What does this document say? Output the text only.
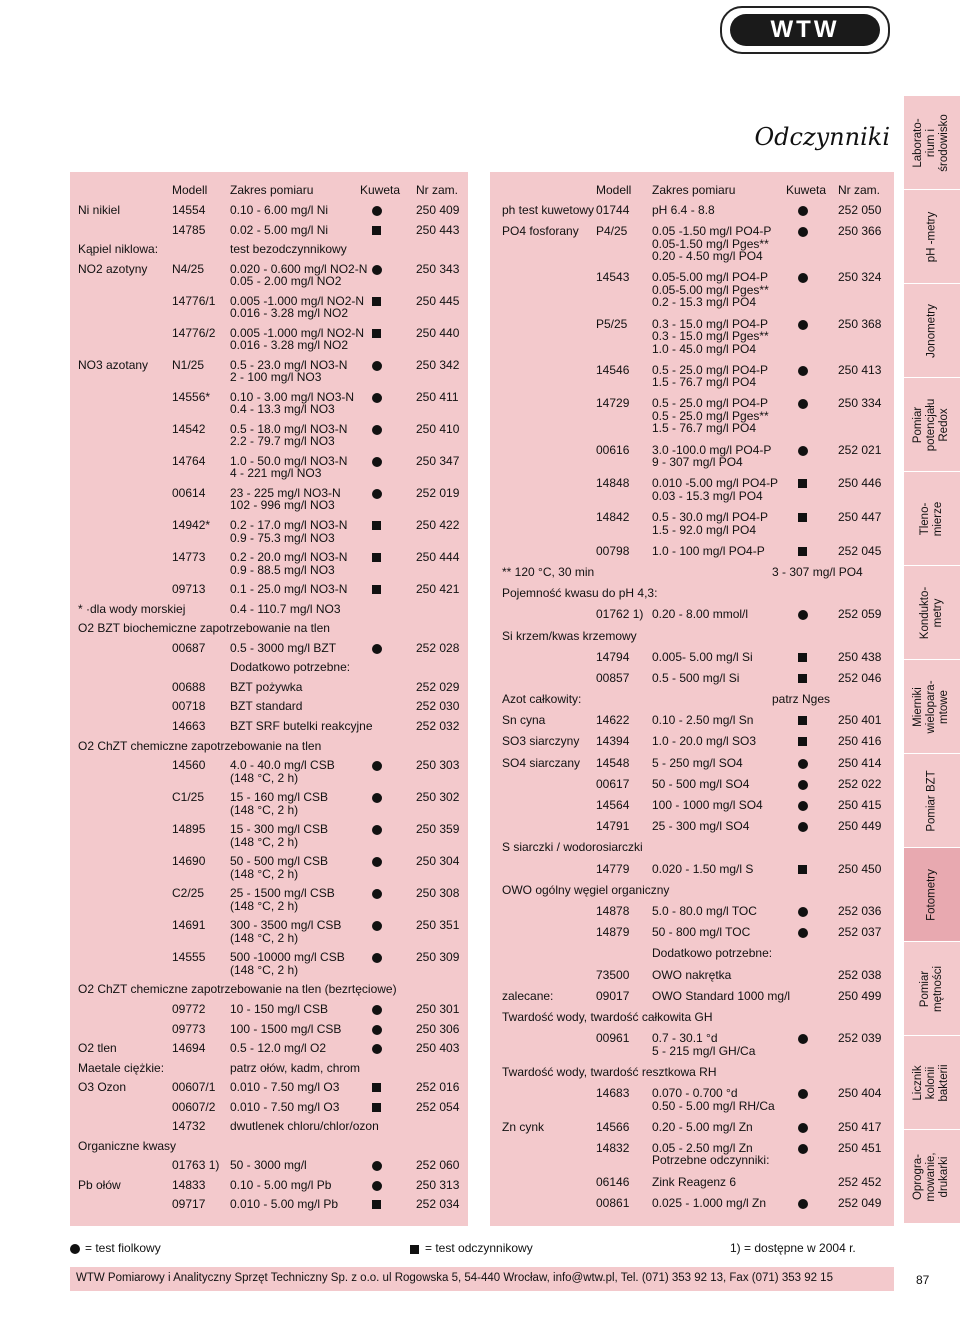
WTW
Odczynniki
Modell Zakres pomiaru	Kuweta Nr zam.
Ni nikiel	14554 0.10 - 6.00 mg/l Ni	250 409
14785 0.02 - 5.00 mg/l Ni	250 443
Kąpiel niklowa:	test bezodczynnikowy
NO2 azotyny N4/25 0.020 - 0.600 mg/l NO2-N	250 343
0.05 - 2.00 mg/l NO2
14776/1 0.005 -1.000 mg/l NO2-N	250 445
0.016 - 3.28 mg/l NO2
14776/2 0.005 -1.000 mg/l NO2-N	250 440
0.016 - 3.28 mg/l NO2
NO3 azotany N1/25 0.5 - 23.0 mg/l NO3-N	250 342
2 - 100 mg/l NO3
14556* 0.10 - 3.00 mg/l NO3-N	250 411
0.4 - 13.3 mg/l NO3
14542 0.5 - 18.0 mg/l NO3-N	250 410
2.2 - 79.7 mg/l NO3
14764 1.0 - 50.0 mg/l NO3-N	250 347
4 - 221 mg/l NO3
00614 23 - 225 mg/l NO3-N	252 019
102 - 996 mg/l NO3
14942* 0.2 - 17.0 mg/l NO3-N	250 422
0.9 - 75.3 mg/l NO3
14773 0.2 - 20.0 mg/l NO3-N	250 444
0.9 - 88.5 mg/l NO3
09713 0.1 - 25.0 mg/l NO3-N	250 421
* ·dla wody morskiej	0.4 - 110.7 mg/l NO3
O2 BZT biochemiczne zapotrzebowanie na tlen
00687 0.5 - 3000 mg/l BZT	252 028
Dodatkowo potrzebne:
00688 BZT pożywka	252 029
00718 BZT standard	252 030
14663 BZT SRF butelki reakcyjne	252 032
O2 ChZT chemiczne zapotrzebowanie na tlen
14560 4.0 - 40.0 mg/l CSB	250 303
(148 °C, 2 h)
C1/25 15 - 160 mg/l CSB	250 302
(148 °C, 2 h)
14895 15 - 300 mg/l CSB	250 359
(148 °C, 2 h)
14690 50 - 500 mg/l CSB	250 304
(148 °C, 2 h)
C2/25 25 - 1500 mg/l CSB	250 308
(148 °C, 2 h)
14691 300 - 3500 mg/l CSB	250 351
(148 °C, 2 h)
14555 500 -10000 mg/l CSB	250 309
(148 °C, 2 h)
O2 ChZT chemiczne zapotrzebowanie na tlen (bezrtęciowe)
09772 10 - 150 mg/l CSB	250 301
09773 100 - 1500 mg/l CSB	250 306
O2 tlen	14694 0.5 - 12.0 mg/l O2	250 403
Maetale ciężkie:	patrz ołów, kadm, chrom
O3 Ozon	00607/1 0.010 - 7.50 mg/l O3	252 016
00607/2 0.010 - 7.50 mg/l O3	252 054
14732 dwutlenek chloru/chlor/ozon
Organiczne kwasy
01763 1) 50 - 3000 mg/l	252 060
Pb ołów	14833 0.10 - 5.00 mg/l Pb	250 313
09717 0.010 - 5.00 mg/l Pb	252 034
Modell Zakres pomiaru	Kuweta Nr zam.
ph test kuwetowy 01744 pH 6.4 - 8.8	252 050
PO4 fosforany P4/25 0.05 -1.50 mg/l PO4-P	250 366
0.05-1.50 mg/l Pges**
0.20 - 4.50 mg/l PO4
14543 0.05-5.00 mg/l PO4-P	250 324
0.05-5.00 mg/l Pges**
0.2 - 15.3 mg/l PO4
P5/25 0.3 - 15.0 mg/l PO4-P	250 368
0.3 - 15.0 mg/l Pges**
1.0 - 45.0 mg/l PO4
14546 0.5 - 25.0 mg/l PO4-P	250 413
1.5 - 76.7 mg/l PO4
14729 0.5 - 25.0 mg/l PO4-P	250 334
0.5 - 25.0 mg/l Pges**
1.5 - 76.7 mg/l PO4
00616 3.0 -100.0 mg/l PO4-P	252 021
9 - 307 mg/l PO4
14848 0.010 -5.00 mg/l PO4-P	250 446
0.03 - 15.3 mg/l PO4
14842 0.5 - 30.0 mg/l PO4-P	250 447
1.5 - 92.0 mg/l PO4
00798 1.0 - 100 mg/l PO4-P	252 045
** 120 °C, 30 min	3 - 307 mg/l PO4
Pojemność kwasu do pH 4,3:
01762 1) 0.20 - 8.00 mmol/l	252 059
Si krzem/kwas krzemowy
14794 0.005- 5.00 mg/l Si	250 438
00857 0.5 - 500 mg/l Si	252 046
Azot całkowity:	patrz Nges
Sn cyna	14622 0.10 - 2.50 mg/l Sn	250 401
SO3 siarczyny 14394 1.0 - 20.0 mg/l SO3	250 416
SO4 siarczany 14548 5 - 250 mg/l SO4	250 414
00617 50 - 500 mg/l SO4	252 022
14564 100 - 1000 mg/l SO4	250 415
14791 25 - 300 mg/l SO4	250 449
S siarczki / wodorosiarczki
14779 0.020 - 1.50 mg/l S	250 450
OWO ogólny węgiel organiczny
14878 5.0 - 80.0 mg/l TOC	252 036
14879 50 - 800 mg/l TOC	252 037
Dodatkowo potrzebne:
73500 OWO nakrętka	252 038
zalecane:	09017 OWO Standard 1000 mg/l	250 499
Twardość wody, twardość całkowita GH
00961 0.7 - 30.1 °d	252 039
5 - 215 mg/l GH/Ca
Twardość wody, twardość resztkowa RH
14683 0.070 - 0.700 °d	250 404
0.50 - 5.00 mg/l RH/Ca
Zn cynk	14566 0.20 - 5.00 mg/l Zn	250 417
14832 0.05 - 2.50 mg/l Zn	250 451
Potrzebne odczynniki:
06146 Zink Reagenz 6	252 452
00861 0.025 - 1.000 mg/l Zn	252 049
Laborato-
rium i
środowisko
pH -metry
Jonometry
Pomiar
potencjału
Redox
Tleno-
mierze
Kondukto-
metry
Mierniki
wielopara-
mtowe
Pomiar BZT
Fotometry
Pomiar
mętności
Licznik
kolonii
bakterii
Oprogra-
mowanie,
drukarki
= test fiolkowy	= test odczynnikowy	1) = dostępne w 2004 r.
WTW Pomiarowy i Analityczny Sprzęt Techniczny Sp. z o.o. ul Rogowska 5, 54-440 Wrocław, info@wtw.pl, Tel. (071) 353 92 13, Fax (071) 353 92 15	87
